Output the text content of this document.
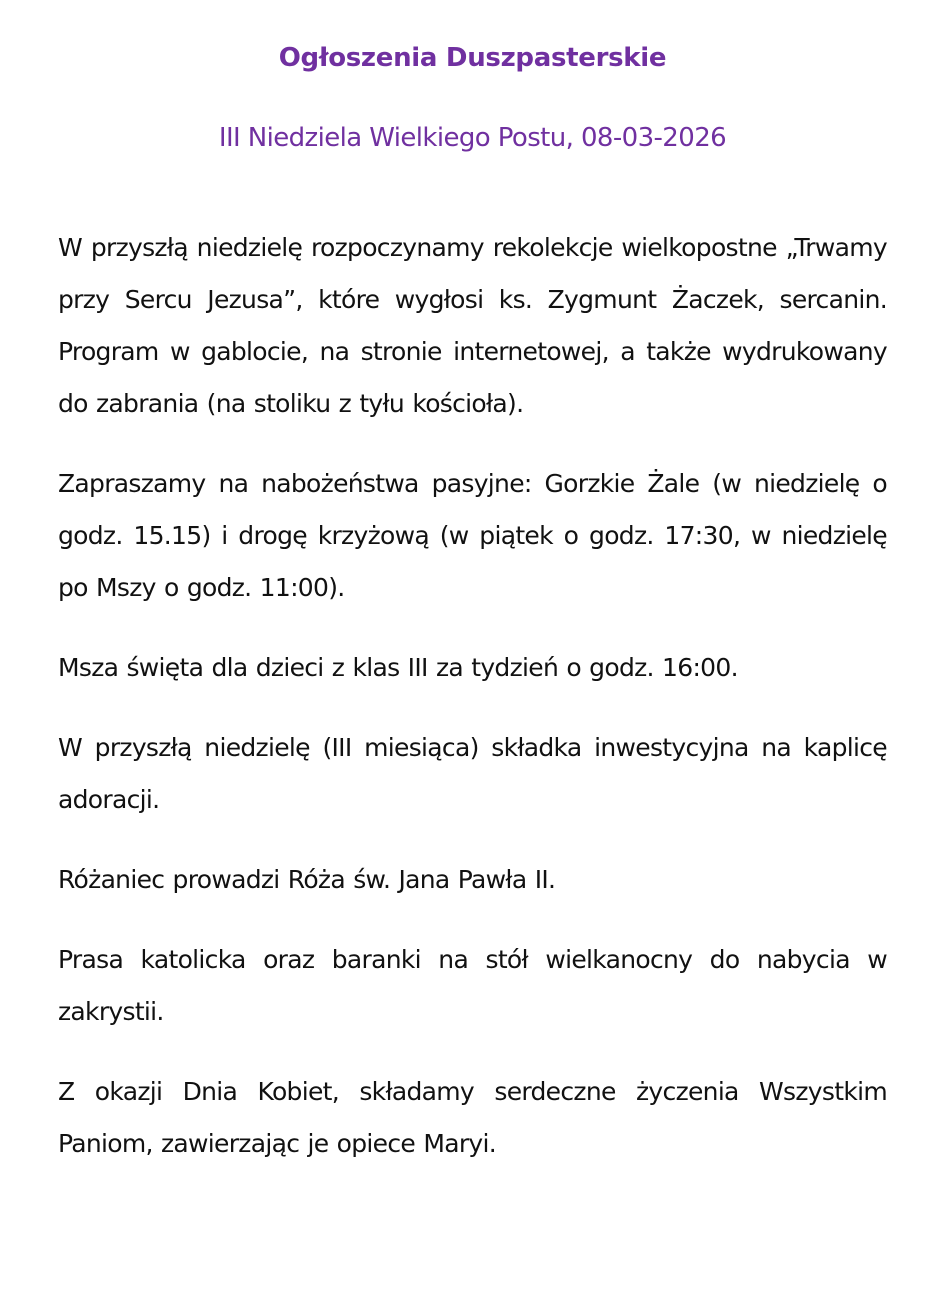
Ogłoszenia Duszpasterskie
III Niedziela Wielkiego Postu, 08-03-2026

W przyszłą niedzielę rozpoczynamy rekolekcje wielkopostne „Trwamy przy Sercu Jezusa”, które wygłosi ks. Zygmunt Żaczek, sercanin. Program w gablocie, na stronie internetowej, a także wydrukowany do zabrania (na stoliku z tyłu kościoła).

Zapraszamy na nabożeństwa pasyjne: Gorzkie Żale (w niedzielę o godz. 15.15) i drogę krzyżową (w piątek o godz. 17:30, w niedzielę po Mszy o godz. 11:00).

Msza święta dla dzieci z klas III za tydzień o godz. 16:00.

W przyszłą niedzielę (III miesiąca) składka inwestycyjna na kaplicę adoracji.

Różaniec prowadzi Róża św. Jana Pawła II.

Prasa katolicka oraz baranki na stół wielkanocny do nabycia w zakrystii.

Z okazji Dnia Kobiet, składamy serdeczne życzenia Wszystkim Paniom, zawierzając je opiece Maryi.
